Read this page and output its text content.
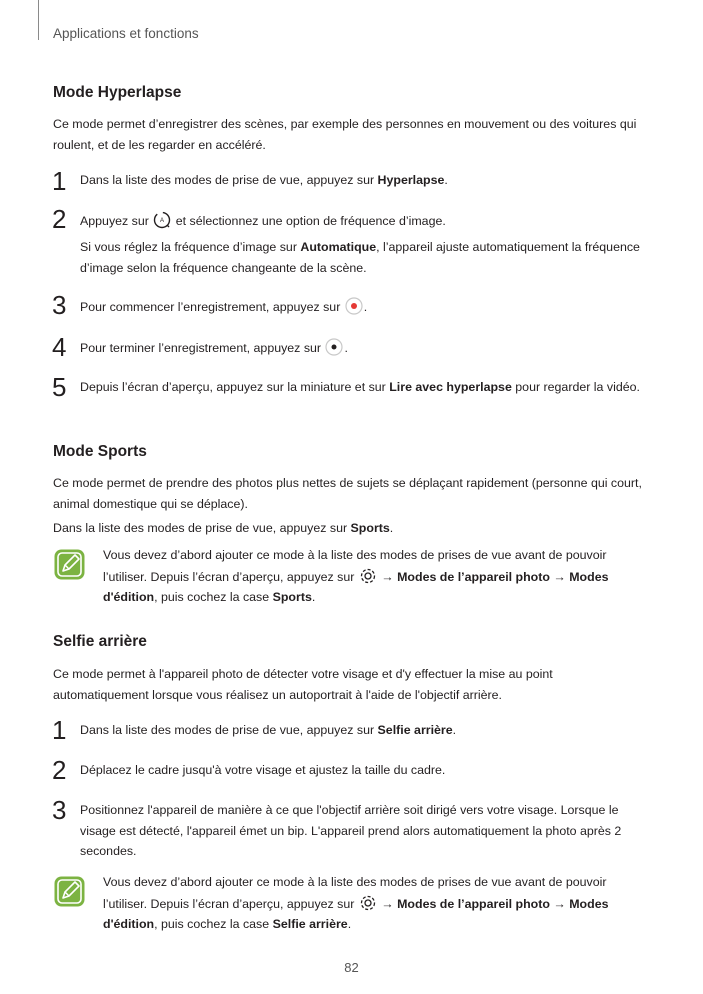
Applications et fonctions
Mode Hyperlapse
Ce mode permet d’enregistrer des scènes, par exemple des personnes en mouvement ou des voitures qui roulent, et de les regarder en accéléré.
1 Dans la liste des modes de prise de vue, appuyez sur Hyperlapse.
2 Appuyez sur A et sélectionnez une option de fréquence d’image.
Si vous réglez la fréquence d’image sur Automatique, l’appareil ajuste automatiquement la fréquence d’image selon la fréquence changeante de la scène.
3 Pour commencer l’enregistrement, appuyez sur .
4 Pour terminer l’enregistrement, appuyez sur .
5 Depuis l’écran d’aperçu, appuyez sur la miniature et sur Lire avec hyperlapse pour regarder la vidéo.
Mode Sports
Ce mode permet de prendre des photos plus nettes de sujets se déplaçant rapidement (personne qui court, animal domestique qui se déplace).
Dans la liste des modes de prise de vue, appuyez sur Sports.
Vous devez d’abord ajouter ce mode à la liste des modes de prises de vue avant de pouvoir l’utiliser. Depuis l’écran d’aperçu, appuyez sur  → Modes de l’appareil photo → Modes d'édition, puis cochez la case Sports.
Selfie arrière
Ce mode permet à l'appareil photo de détecter votre visage et d'y effectuer la mise au point automatiquement lorsque vous réalisez un autoportrait à l'aide de l'objectif arrière.
1 Dans la liste des modes de prise de vue, appuyez sur Selfie arrière.
2 Déplacez le cadre jusqu'à votre visage et ajustez la taille du cadre.
3 Positionnez l'appareil de manière à ce que l'objectif arrière soit dirigé vers votre visage. Lorsque le visage est détecté, l'appareil émet un bip. L'appareil prend alors automatiquement la photo après 2 secondes.
Vous devez d’abord ajouter ce mode à la liste des modes de prises de vue avant de pouvoir l’utiliser. Depuis l’écran d’aperçu, appuyez sur  → Modes de l’appareil photo → Modes d'édition, puis cochez la case Selfie arrière.
82
